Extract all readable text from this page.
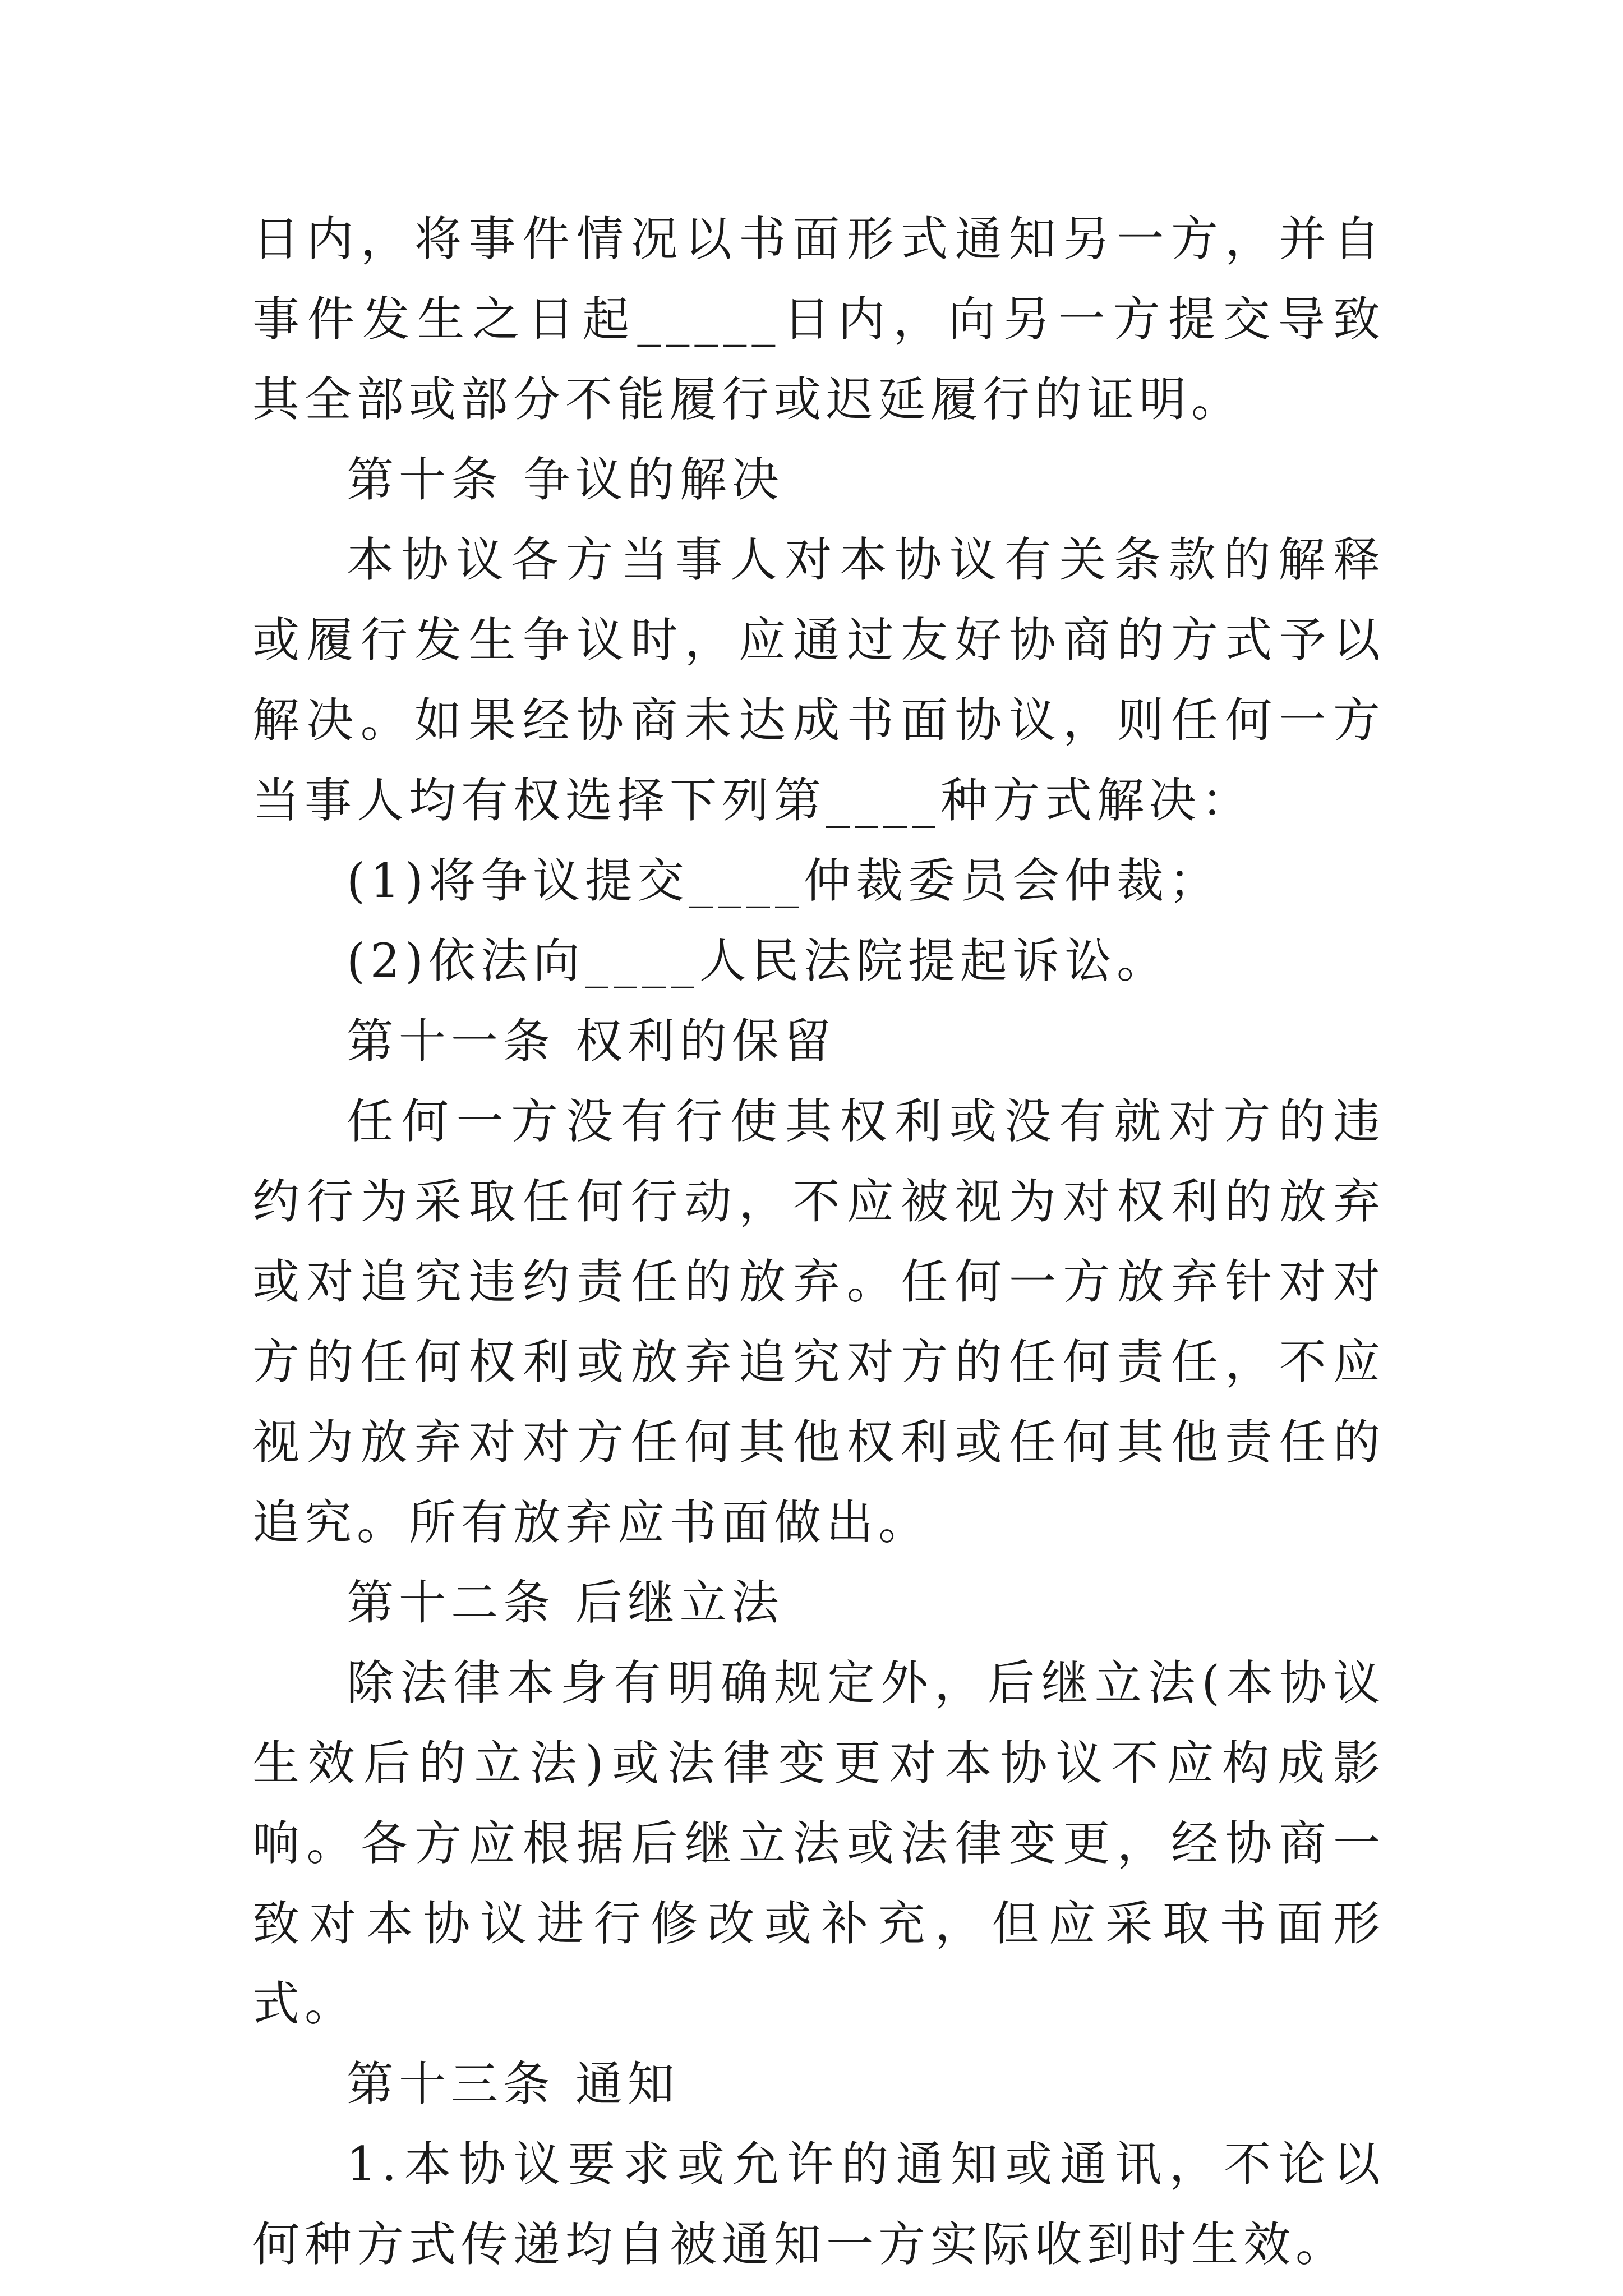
日内，将事件情况以书面形式通知另一方，并自事件发生之日起_____日内，向另一方提交导致其全部或部分不能履行或迟延履行的证明。

第十条 争议的解决

本协议各方当事人对本协议有关条款的解释或履行发生争议时，应通过友好协商的方式予以解决。如果经协商未达成书面协议，则任何一方当事人均有权选择下列第____种方式解决：

(1)将争议提交____仲裁委员会仲裁；

(2)依法向____人民法院提起诉讼。

第十一条 权利的保留

任何一方没有行使其权利或没有就对方的违约行为采取任何行动，不应被视为对权利的放弃或对追究违约责任的放弃。任何一方放弃针对对方的任何权利或放弃追究对方的任何责任，不应视为放弃对对方任何其他权利或任何其他责任的追究。所有放弃应书面做出。

第十二条 后继立法

除法律本身有明确规定外，后继立法(本协议生效后的立法)或法律变更对本协议不应构成影响。各方应根据后继立法或法律变更，经协商一致对本协议进行修改或补充，但应采取书面形式。

第十三条 通知

1.本协议要求或允许的通知或通讯，不论以何种方式传递均自被通知一方实际收到时生效。
